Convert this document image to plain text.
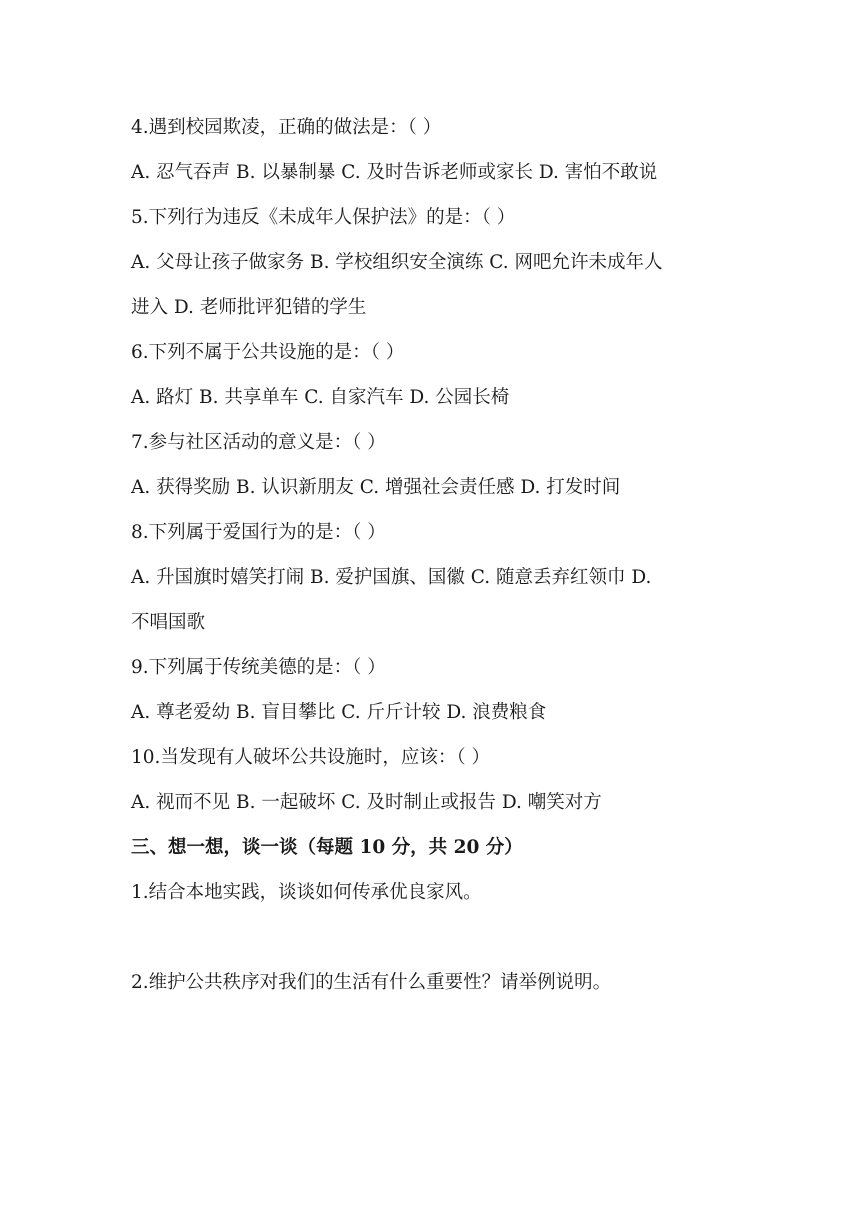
4.遇到校园欺凌，正确的做法是：（ ）
A. 忍气吞声 B. 以暴制暴 C. 及时告诉老师或家长 D. 害怕不敢说
5.下列行为违反《未成年人保护法》的是：（ ）
A. 父母让孩子做家务 B. 学校组织安全演练 C. 网吧允许未成年人
进入 D. 老师批评犯错的学生
6.下列不属于公共设施的是：（ ）
A. 路灯 B. 共享单车 C. 自家汽车 D. 公园长椅
7.参与社区活动的意义是：（ ）
A. 获得奖励 B. 认识新朋友 C. 增强社会责任感 D. 打发时间
8.下列属于爱国行为的是：（ ）
A. 升国旗时嬉笑打闹 B. 爱护国旗、国徽 C. 随意丢弃红领巾 D.
不唱国歌
9.下列属于传统美德的是：（ ）
A. 尊老爱幼 B. 盲目攀比 C. 斤斤计较 D. 浪费粮食
10.当发现有人破坏公共设施时，应该：（ ）
A. 视而不见 B. 一起破坏 C. 及时制止或报告 D. 嘲笑对方
三、想一想，谈一谈（每题 10 分，共 20 分）
1.结合本地实践，谈谈如何传承优良家风。
2.维护公共秩序对我们的生活有什么重要性？请举例说明。
